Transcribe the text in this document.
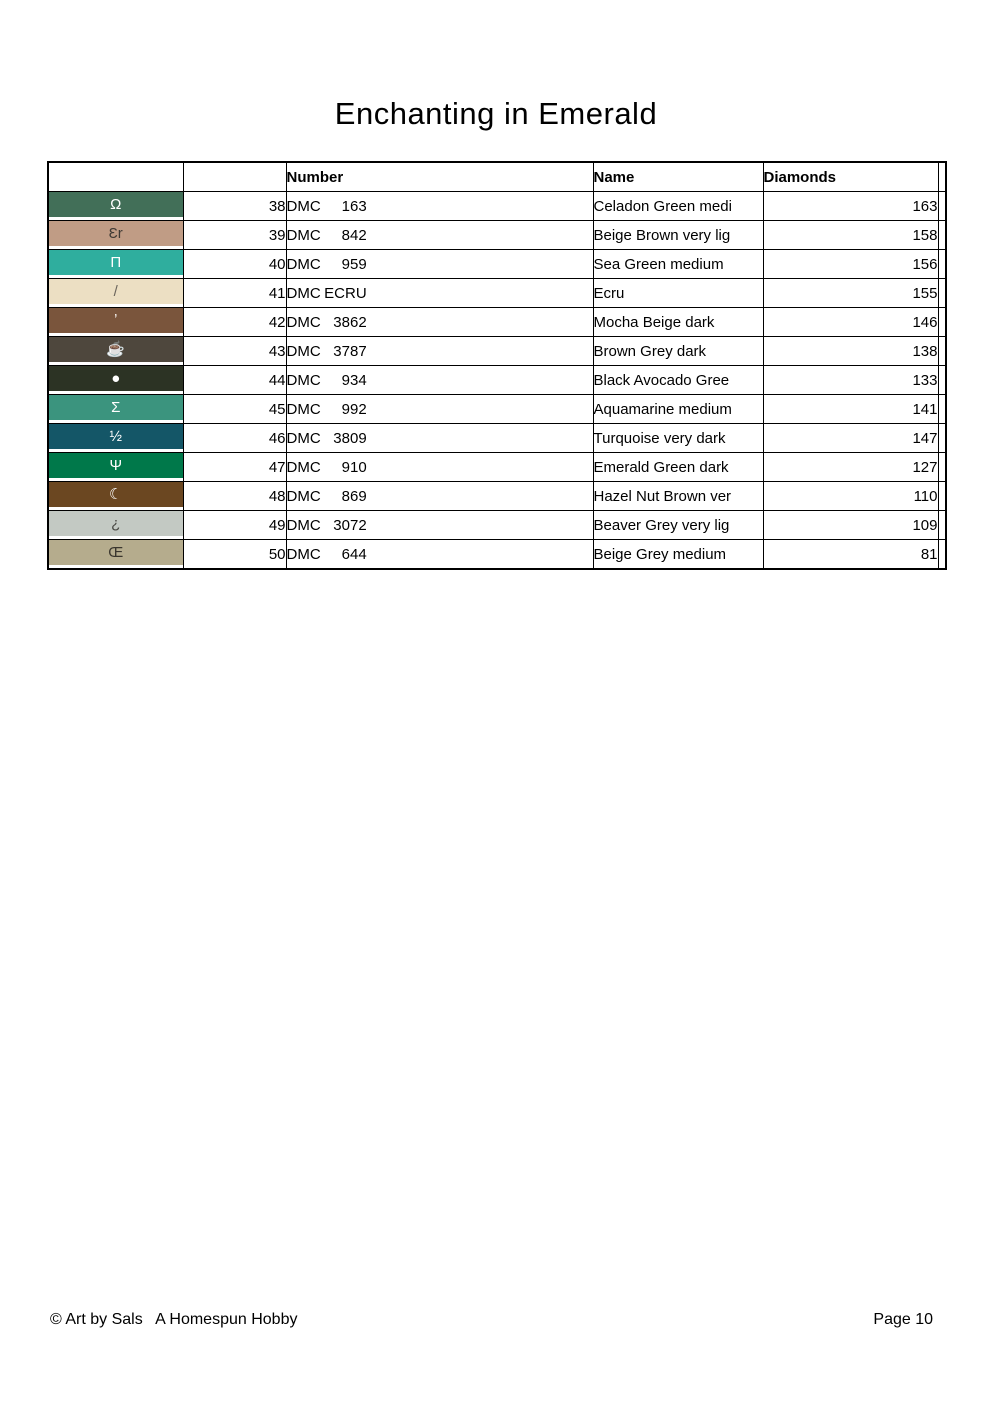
Enchanting in Emerald
		Number	Name	Diamonds	

Ω	38	DMC 163	Celadon Green medi	163	

Ɛr	39	DMC 842	Beige Brown very lig	158	

Π	40	DMC 959	Sea Green medium	156	

/	41	DMC ECRU	Ecru	155	

ʼ	42	DMC 3862	Mocha Beige dark	146	

☕	43	DMC 3787	Brown Grey dark	138	

●	44	DMC 934	Black Avocado Gree	133	

Σ	45	DMC 992	Aquamarine medium	141	

½	46	DMC 3809	Turquoise very dark	147	

Ψ	47	DMC 910	Emerald Green dark	127	

☾	48	DMC 869	Hazel Nut Brown ver	110	

¿	49	DMC 3072	Beaver Grey very lig	109	

Œ	50	DMC 644	Beige Grey medium	81	
© Art by Sals   A Homespun Hobby	Page 10
